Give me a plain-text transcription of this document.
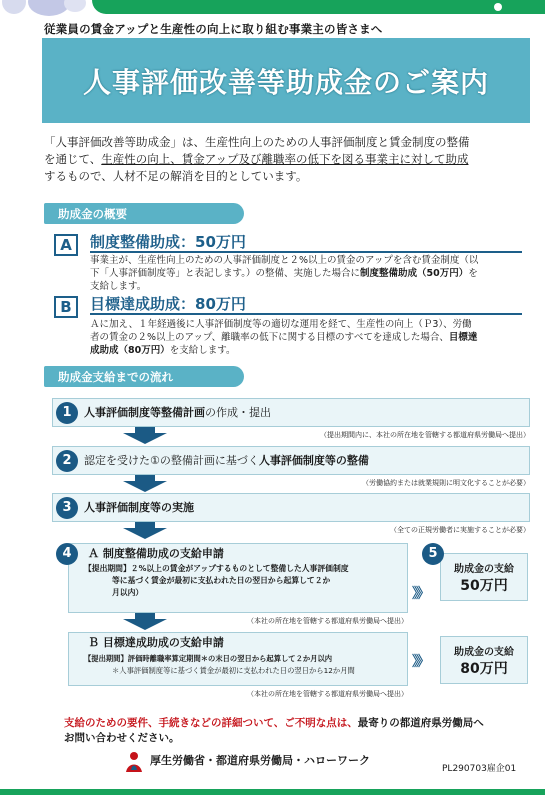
従業員の賃金アップと生産性の向上に取り組む事業主の皆さまへ
人事評価改善等助成金のご案内
「人事評価改善等助成金」は、生産性向上のための人事評価制度と賃金制度の整備
を通じて、生産性の向上、賃金アップ及び離職率の低下を図る事業主に対して助成
するもので、人材不足の解消を目的としています。
助成金の概要
A	制度整備助成：50万円
事業主が、生産性向上のための人事評価制度と２%以上の賃金のアップを含む賃金制度（以
下「人事評価制度等」と表記します。）の整備、実施した場合に制度整備助成（50万円）を
支給します。
B	目標達成助成：80万円
Ａに加え、１年経過後に人事評価制度等の適切な運用を経て、生産性の向上（Ｐ3）、労働
者の賃金の２%以上のアップ、離職率の低下に関する目標のすべてを達成した場合、目標達
成助成（80万円）を支給します。
助成金支給までの流れ
1	人事評価制度等整備計画の作成・提出
（提出期間内に、本社の所在地を管轄する都道府県労働局へ提出）
2	認定を受けた①の整備計画に基づく人事評価制度等の整備
（労働協約または就業規則に明文化することが必要）
3	人事評価制度等の実施
（全ての正規労働者に実施することが必要）
4	Ａ 制度整備助成の支給申請
【提出期間】２%以上の賃金がアップするものとして整備した人事評価制度
等に基づく賃金が最初に支払われた日の翌日から起算して２か
月以内）
（本社の所在地を管轄する都道府県労働局へ提出）
Ｂ 目標達成助成の支給申請
【提出期間】評価時離職率算定期間＊の末日の翌日から起算して２か月以内
＊人事評価制度等に基づく賃金が最初に支払われた日の翌日から12か月間
（本社の所在地を管轄する都道府県労働局へ提出）
》》
》》
助成金の支給
50万円
5
助成金の支給
80万円
支給のための要件、手続きなどの詳細ついて、ご不明な点は、最寄りの都道府県労働局へ
お問い合わせください。
厚生労働省・都道府県労働局・ハローワーク
PL290703雇企01
